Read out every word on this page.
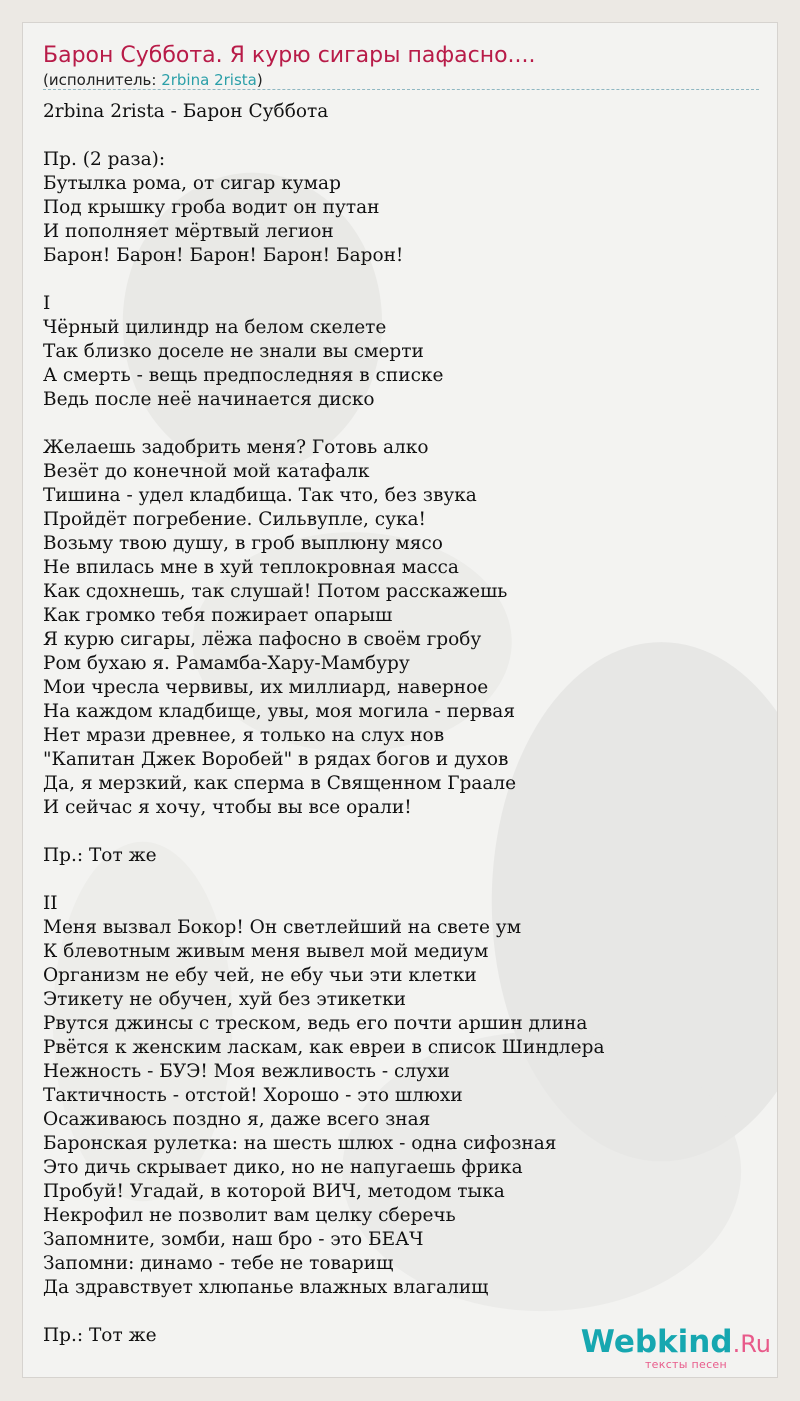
Барон Суббота. Я курю сигары пафасно....
(исполнитель: 2rbina 2rista)
2rbina 2rista - Барон Суббота

Пр. (2 раза):
Бутылка рома, от сигар кумар
Под крышку гроба водит он путан
И пополняет мёртвый легион
Барон! Барон! Барон! Барон! Барон!

I
Чёрный цилиндр на белом скелете
Так близко доселе не знали вы смерти
А смерть - вещь предпоследняя в списке
Ведь после неё начинается диско

Желаешь задобрить меня? Готовь алко
Везёт до конечной мой катафалк
Тишина - удел кладбища. Так что, без звука
Пройдёт погребение. Сильвупле, сука!
Возьму твою душу, в гроб выплюну мясо
Не впилась мне в хуй теплокровная масса
Как сдохнешь, так слушай! Потом расскажешь
Как громко тебя пожирает опарыш
Я курю сигары, лёжа пафосно в своём гробу
Ром бухаю я. Рамамба-Хару-Мамбуру
Мои чресла червивы, их миллиард, наверное
На каждом кладбище, увы, моя могила - первая
Нет мрази древнее, я только на слух нов
"Капитан Джек Воробей" в рядах богов и духов
Да, я мерзкий, как сперма в Священном Граале
И сейчас я хочу, чтобы вы все орали!

Пр.: Тот же

II
Меня вызвал Бокор! Он светлейший на свете ум
К блевотным живым меня вывел мой медиум
Организм не ебу чей, не ебу чьи эти клетки
Этикету не обучен, хуй без этикетки
Рвутся джинсы с треском, ведь его почти аршин длина
Рвётся к женским ласкам, как евреи в список Шиндлера
Нежность - БУЭ! Моя вежливость - слухи
Тактичность - отстой! Хорошо - это шлюхи
Осаживаюсь поздно я, даже всего зная
Баронская рулетка: на шесть шлюх - одна сифозная
Это дичь скрывает дико, но не напугаешь фрика
Пробуй! Угадай, в которой ВИЧ, методом тыка
Некрофил не позволит вам целку сберечь
Запомните, зомби, наш бро - это БЕАЧ
Запомни: динамо - тебе не товарищ
Да здравствует хлюпанье влажных влагалищ

Пр.: Тот же	Webkind.Ru
тексты песен
